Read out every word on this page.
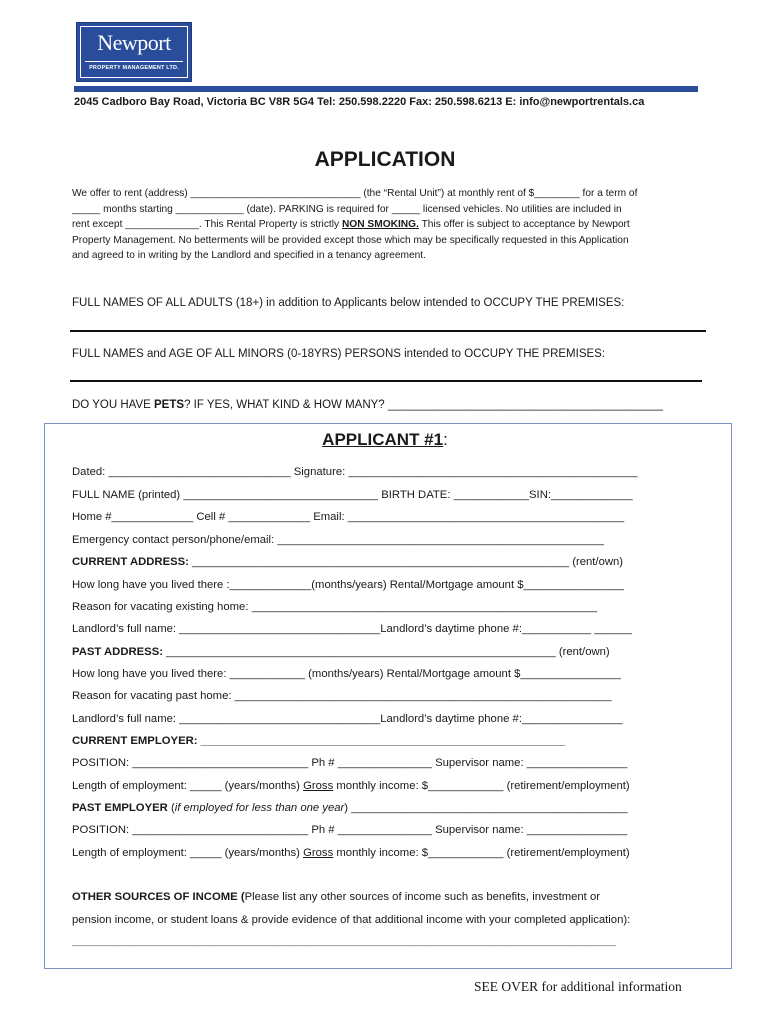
Newport
PROPERTY MANAGEMENT LTD.
2045 Cadboro Bay Road, Victoria BC V8R 5G4 Tel: 250.598.2220 Fax: 250.598.6213 E: info@newportrentals.ca
APPLICATION

We offer to rent (address) ______________________________ (the “Rental Unit”) at monthly rent of $________ for a term of

_____ months starting ____________ (date). PARKING is required for _____ licensed vehicles. No utilities are included in

rent except _____________. This Rental Property is strictly NON SMOKING. This offer is subject to acceptance by Newport

Property Management. No betterments will be provided except those which may be specifically requested in this Application

and agreed to in writing by the Landlord and specified in a tenancy agreement.

FULL NAMES OF ALL ADULTS (18+) in addition to Applicants below intended to OCCUPY THE PREMISES:
FULL NAMES and AGE OF ALL MINORS (0-18YRS) PERSONS intended to OCCUPY THE PREMISES:
DO YOU HAVE PETS? IF YES, WHAT KIND & HOW MANY? ___________________________________________
APPLICANT #1:
Dated: _____________________________ Signature: ______________________________________________
FULL NAME (printed) _______________________________ BIRTH DATE: ____________SIN:_____________
Home #_____________ Cell # _____________ Email: ____________________________________________
Emergency contact person/phone/email: ____________________________________________________
CURRENT ADDRESS: ____________________________________________________________ (rent/own)
How long have you lived there :_____________(months/years) Rental/Mortgage amount $________________
Reason for vacating existing home: _______________________________________________________
Landlord’s full name: ________________________________Landlord’s daytime phone #:___________ ______
PAST ADDRESS: ______________________________________________________________ (rent/own)
How long have you lived there: ____________ (months/years) Rental/Mortgage amount $________________
Reason for vacating past home: ____________________________________________________________
Landlord’s full name: ________________________________Landlord’s daytime phone #:________________
CURRENT EMPLOYER: __________________________________________________________
POSITION: ____________________________ Ph # _______________ Supervisor name: ________________
Length of employment: _____ (years/months) Gross monthly income: $____________ (retirement/employment)
PAST EMPLOYER (if employed for less than one year) ____________________________________________
POSITION: ____________________________ Ph # _______________ Supervisor name: ________________
Length of employment: _____ (years/months) Gross monthly income: $____________ (retirement/employment)
OTHER SOURCES OF INCOME (Please list any other sources of income such as benefits, investment or
pension income, or student loans & provide evidence of that additional income with your completed application):
_______________________________________________________________________________________________________
SEE OVER for additional information
